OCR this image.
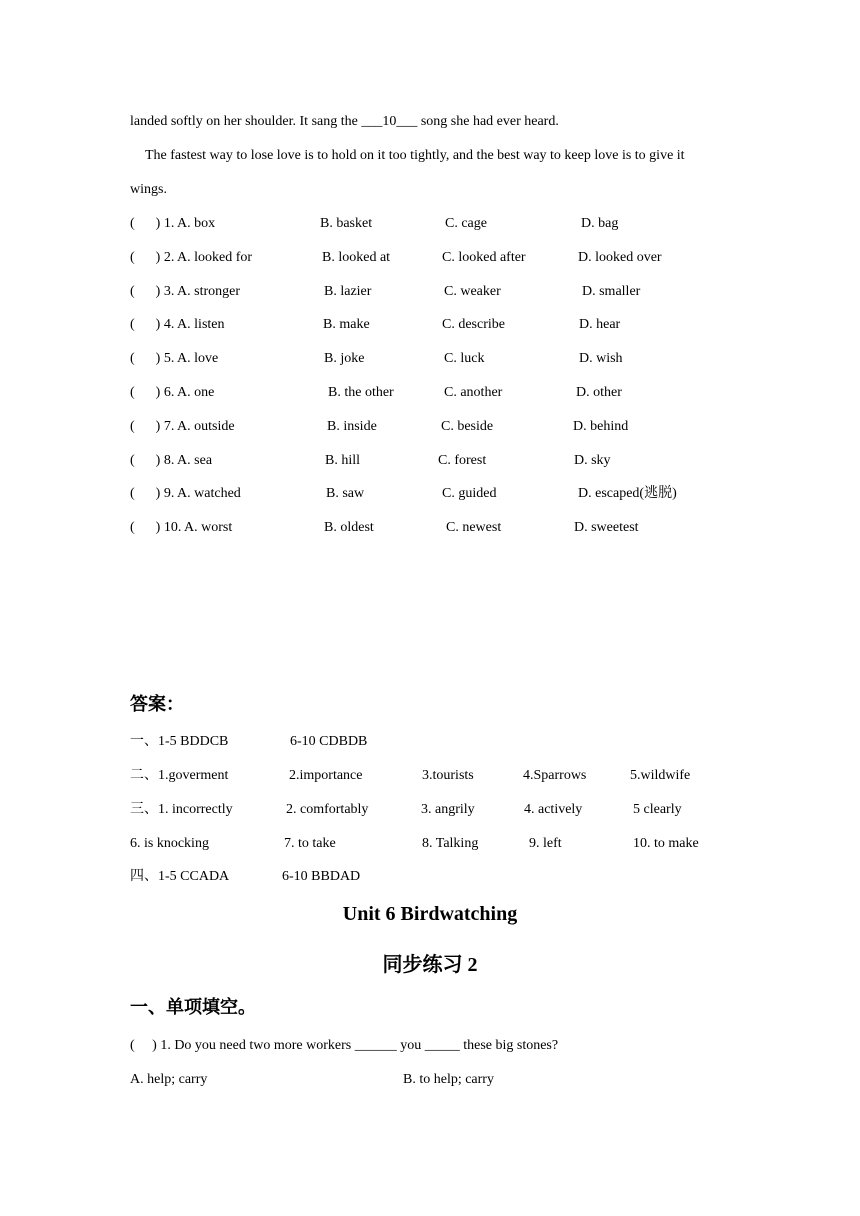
landed softly on her shoulder. It sang the ___10___ song she had ever heard.
The fastest way to lose love is to hold on it too tightly, and the best way to keep love is to give it
wings.
(      ) 1. A. box	B. basket	C. cage	D. bag
(      ) 2. A. looked for	B. looked at	C. looked after	D. looked over
(      ) 3. A. stronger	B. lazier	C. weaker	D. smaller
(      ) 4. A. listen	B. make	C. describe	D. hear
(      ) 5. A. love	B. joke	C. luck	D. wish
(      ) 6. A. one	B. the other	C. another	D. other
(      ) 7. A. outside	B. inside	C. beside	D. behind
(      ) 8. A. sea	B. hill	C. forest	D. sky
(      ) 9. A. watched	B. saw	C. guided	D. escaped(逃脱)
(      ) 10. A. worst	B. oldest	C. newest	D. sweetest
答案：
一、1-5 BDDCB	6-10 CDBDB
二、1.goverment	2.importance	3.tourists	4.Sparrows	5.wildwife
三、1. incorrectly	2. comfortably	3. angrily	4. actively	5 clearly
6. is knocking	7. to take	8. Talking	9. left	10. to make
四、1-5 CCADA	6-10 BBDAD
Unit 6 Birdwatching
同步练习 2
一、单项填空。
(     ) 1. Do you need two more workers ______ you _____ these big stones?
A. help; carry	B. to help; carry
